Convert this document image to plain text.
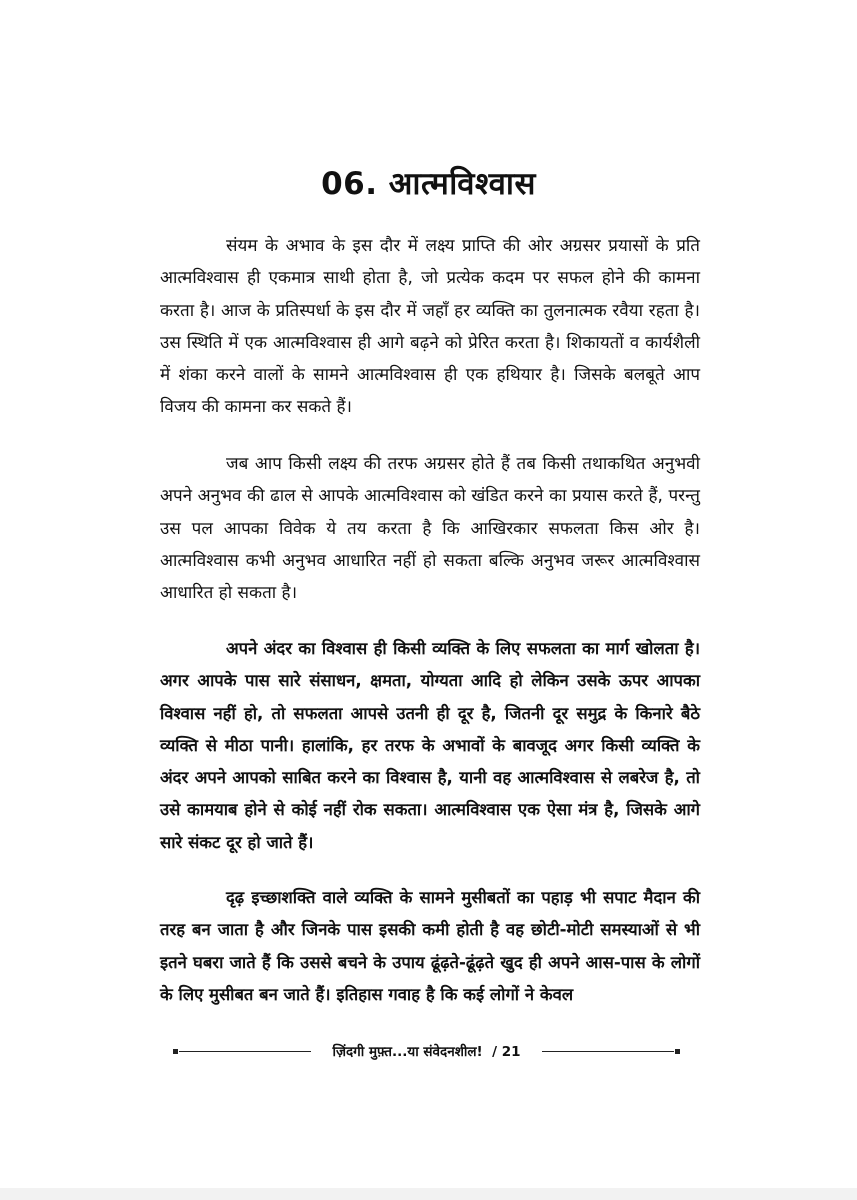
06. आत्मविश्वास

संयम के अभाव के इस दौर में लक्ष्य प्राप्ति की ओर अग्रसर प्रयासों के प्रति आत्मविश्वास ही एकमात्र साथी होता है, जो प्रत्येक कदम पर सफल होने की कामना करता है। आज के प्रतिस्पर्धा के इस दौर में जहाँ हर व्यक्ति का तुलनात्मक रवैया रहता है। उस स्थिति में एक आत्मविश्वास ही आगे बढ़ने को प्रेरित करता है। शिकायतों व कार्यशैली में शंका करने वालों के सामने आत्मविश्वास ही एक हथियार है। जिसके बलबूते आप विजय की कामना कर सकते हैं।

जब आप किसी लक्ष्य की तरफ अग्रसर होते हैं तब किसी तथाकथित अनुभवी अपने अनुभव की ढाल से आपके आत्मविश्वास को खंडित करने का प्रयास करते हैं, परन्तु उस पल आपका विवेक ये तय करता है कि आखिरकार सफलता किस ओर है। आत्मविश्वास कभी अनुभव आधारित नहीं हो सकता बल्कि अनुभव जरूर आत्मविश्वास आधारित हो सकता है।

अपने अंदर का विश्वास ही किसी व्यक्ति के लिए सफलता का मार्ग खोलता है। अगर आपके पास सारे संसाधन, क्षमता, योग्यता आदि हो लेकिन उसके ऊपर आपका विश्वास नहीं हो, तो सफलता आपसे उतनी ही दूर है, जितनी दूर समुद्र के किनारे बैठे व्यक्ति से मीठा पानी। हालांकि, हर तरफ के अभावों के बावजूद अगर किसी व्यक्ति के अंदर अपने आपको साबित करने का विश्वास है, यानी वह आत्मविश्वास से लबरेज है, तो उसे कामयाब होने से कोई नहीं रोक सकता। आत्मविश्वास एक ऐसा मंत्र है, जिसके आगे सारे संकट दूर हो जाते हैं।

दृढ़ इच्छाशक्ति वाले व्यक्ति के सामने मुसीबतों का पहाड़ भी सपाट मैदान की तरह बन जाता है और जिनके पास इसकी कमी होती है वह छोटी-मोटी समस्याओं से भी इतने घबरा जाते हैं कि उससे बचने के उपाय ढूंढ़ते-ढूंढ़ते खुद ही अपने आस-पास के लोगों के लिए मुसीबत बन जाते हैं। इतिहास गवाह है कि कई लोगों ने केवल

ज़िंदगी मुफ़्त...या संवेदनशील! / 21
